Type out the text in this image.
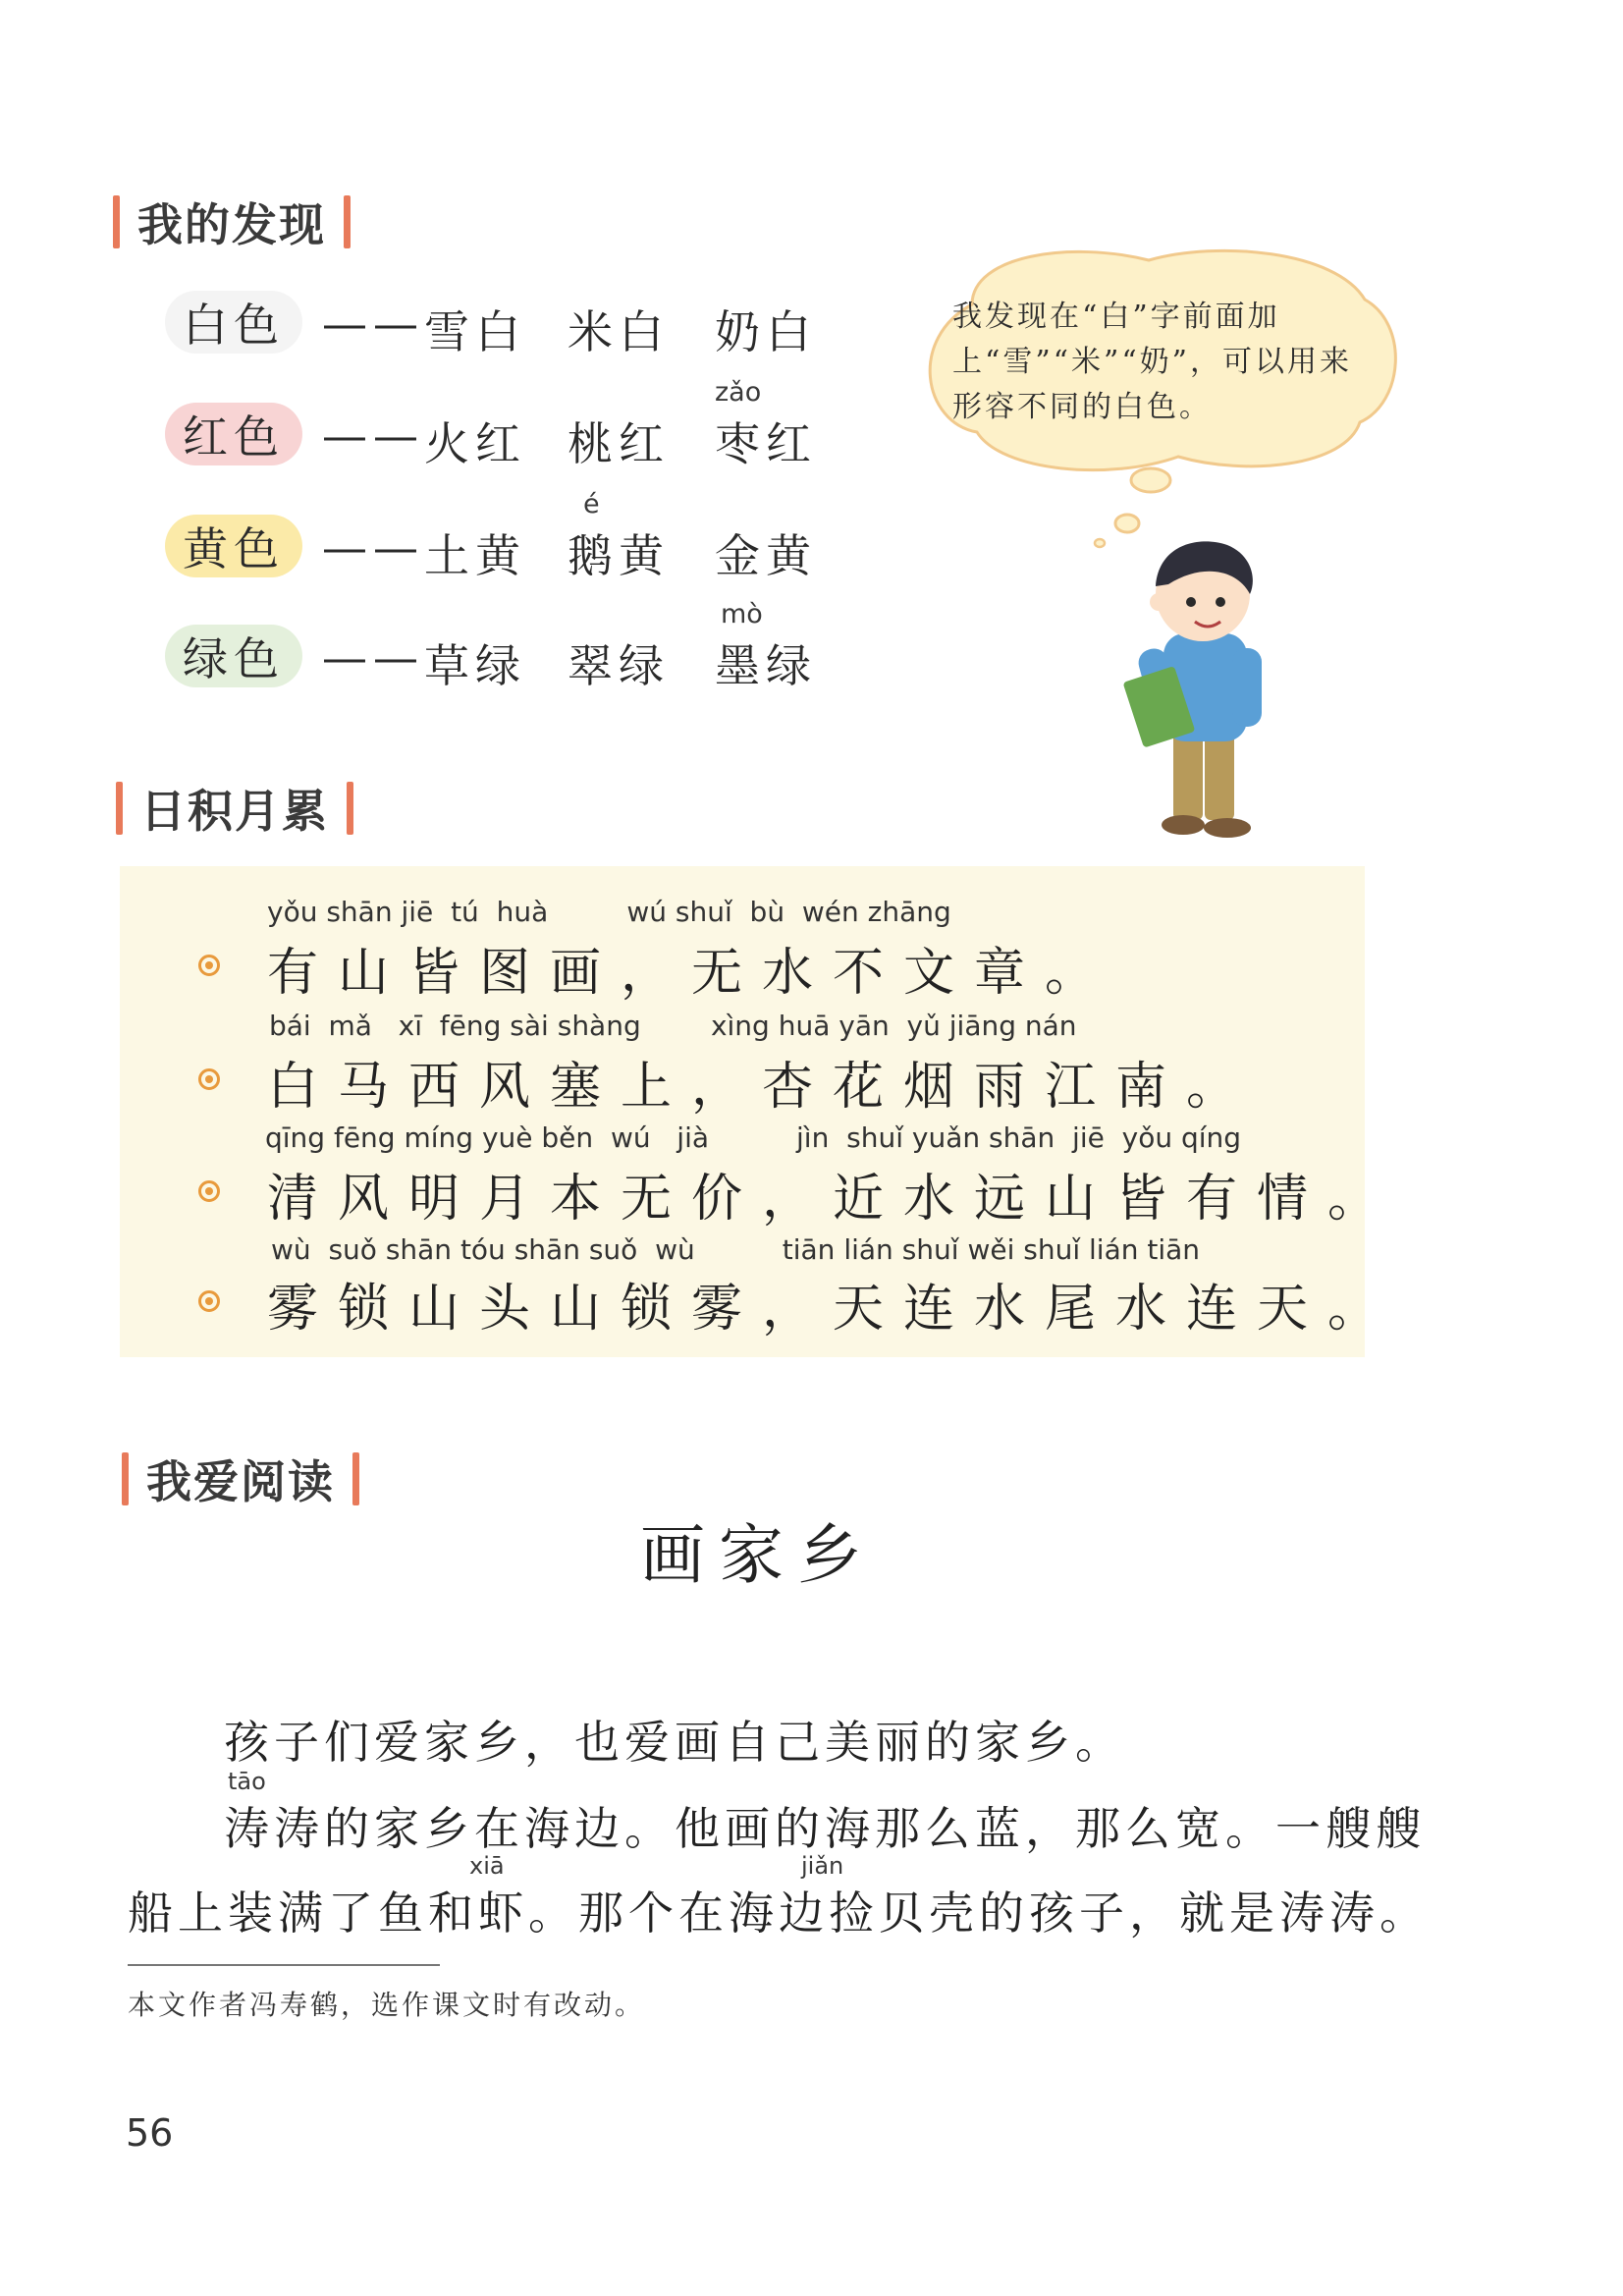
我的发现
白色 —— 雪白 米白 奶白
zǎo
红色 —— 火红 桃红 枣红
é
黄色 —— 土黄 鹅黄 金黄
mò
绿色 —— 草绿 翠绿 墨绿
我发现在“白”字前面加上“雪”“米”“奶”，可以用来形容不同的白色。
日积月累
yǒu shān jiē  tú  huà         wú shuǐ  bù  wén zhāng
有山皆图画，无水不文章。
bái  mǎ   xī  fēng sài shàng        xìng huā yān  yǔ jiāng nán
白马西风塞上，杏花烟雨江南。
qīng fēng míng yuè běn  wú   jià          jìn  shuǐ yuǎn shān  jiē  yǒu qíng
清风明月本无价，近水远山皆有情。
wù  suǒ shān tóu shān suǒ  wù          tiān lián shuǐ wěi shuǐ lián tiān
雾锁山头山锁雾，天连水尾水连天。
我爱阅读
画家乡
孩子们爱家乡，也爱画自己美丽的家乡。
tāo
涛涛的家乡在海边。他画的海那么蓝，那么宽。一艘艘
xiā	jiǎn
船上装满了鱼和虾。那个在海边捡贝壳的孩子，就是涛涛。
本文作者冯寿鹤，选作课文时有改动。
56
